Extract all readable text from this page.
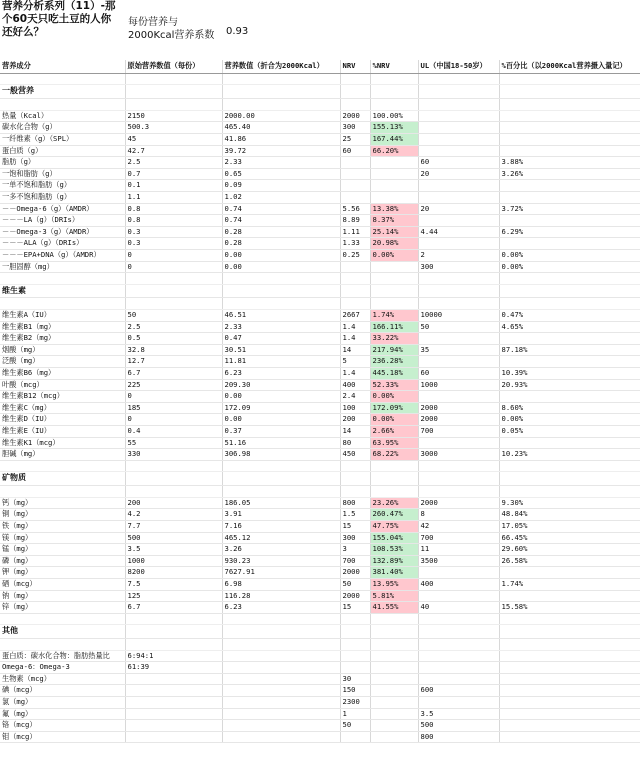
营养分析系列（11）-那个60天只吃土豆的人你还好么？
每份营养与2000Kcal营养系数	0.93
营养成分	原始营养数值（每份）	营养数值（折合为2000Kcal）	NRV	%NRV	UL（中国18-50岁）	%百分比（以2000Kcal营养摄入量记）

一般营养						

热量（Kcal）	2150	2000.00	2000	100.00%		
碳水化合物（g）	500.3	465.40	300	155.13%		
一纤维素（g）（SPL）	45	41.86	25	167.44%		
蛋白质（g）	42.7	39.72	60	66.20%		
脂肪（g）	2.5	2.33			60	3.88%
一饱和脂肪（g）	0.7	0.65			20	3.26%
一单不饱和脂肪（g）	0.1	0.09				
一多不饱和脂肪（g）	1.1	1.02				
－－Omega-6（g）（AMDR）	0.8	0.74	5.56	13.38%	20	3.72%
－－－LA（g）（DRIs）	0.8	0.74	8.89	8.37%		
－－Omega-3（g）（AMDR）	0.3	0.28	1.11	25.14%	4.44	6.29%
－－－ALA（g）（DRIs）	0.3	0.28	1.33	20.98%		
－－－EPA+DNA（g）（AMDR）	0	0.00	0.25	0.00%	2	0.00%
一胆固醇（mg）	0	0.00			300	0.00%

维生素						

维生素A（IU）	50	46.51	2667	1.74%	10000	0.47%
维生素B1（mg）	2.5	2.33	1.4	166.11%	50	4.65%
维生素B2（mg）	0.5	0.47	1.4	33.22%		
烟酸（mg）	32.8	30.51	14	217.94%	35	87.18%
泛酸（mg）	12.7	11.81	5	236.28%		
维生素B6（mg）	6.7	6.23	1.4	445.18%	60	10.39%
叶酸（mcg）	225	209.30	400	52.33%	1000	20.93%
维生素B12（mcg）	0	0.00	2.4	0.00%		
维生素C（mg）	185	172.09	100	172.09%	2000	8.60%
维生素D（IU）	0	0.00	200	0.00%	2000	0.00%
维生素E（IU）	0.4	0.37	14	2.66%	700	0.05%
维生素K1（mcg）	55	51.16	80	63.95%		
胆碱（mg）	330	306.98	450	68.22%	3000	10.23%

矿物质						

钙（mg）	200	186.05	800	23.26%	2000	9.30%
铜（mg）	4.2	3.91	1.5	260.47%	8	48.84%
铁（mg）	7.7	7.16	15	47.75%	42	17.05%
镁（mg）	500	465.12	300	155.04%	700	66.45%
锰（mg）	3.5	3.26	3	108.53%	11	29.60%
磷（mg）	1000	930.23	700	132.89%	3500	26.58%
钾（mg）	8200	7627.91	2000	381.40%		
硒（mcg）	7.5	6.98	50	13.95%	400	1.74%
钠（mg）	125	116.28	2000	5.81%		
锌（mg）	6.7	6.23	15	41.55%	40	15.58%

其他						

蛋白质：碳水化合物：脂肪热量比	6:94:1					
Omega-6：Omega-3	61:39					
生物素（mcg）			30			
碘（mcg）			150		600	
氯（mg）			2300			
氟（mg）			1		3.5	
铬（mcg）			50		500	
钼（mcg）					800	
